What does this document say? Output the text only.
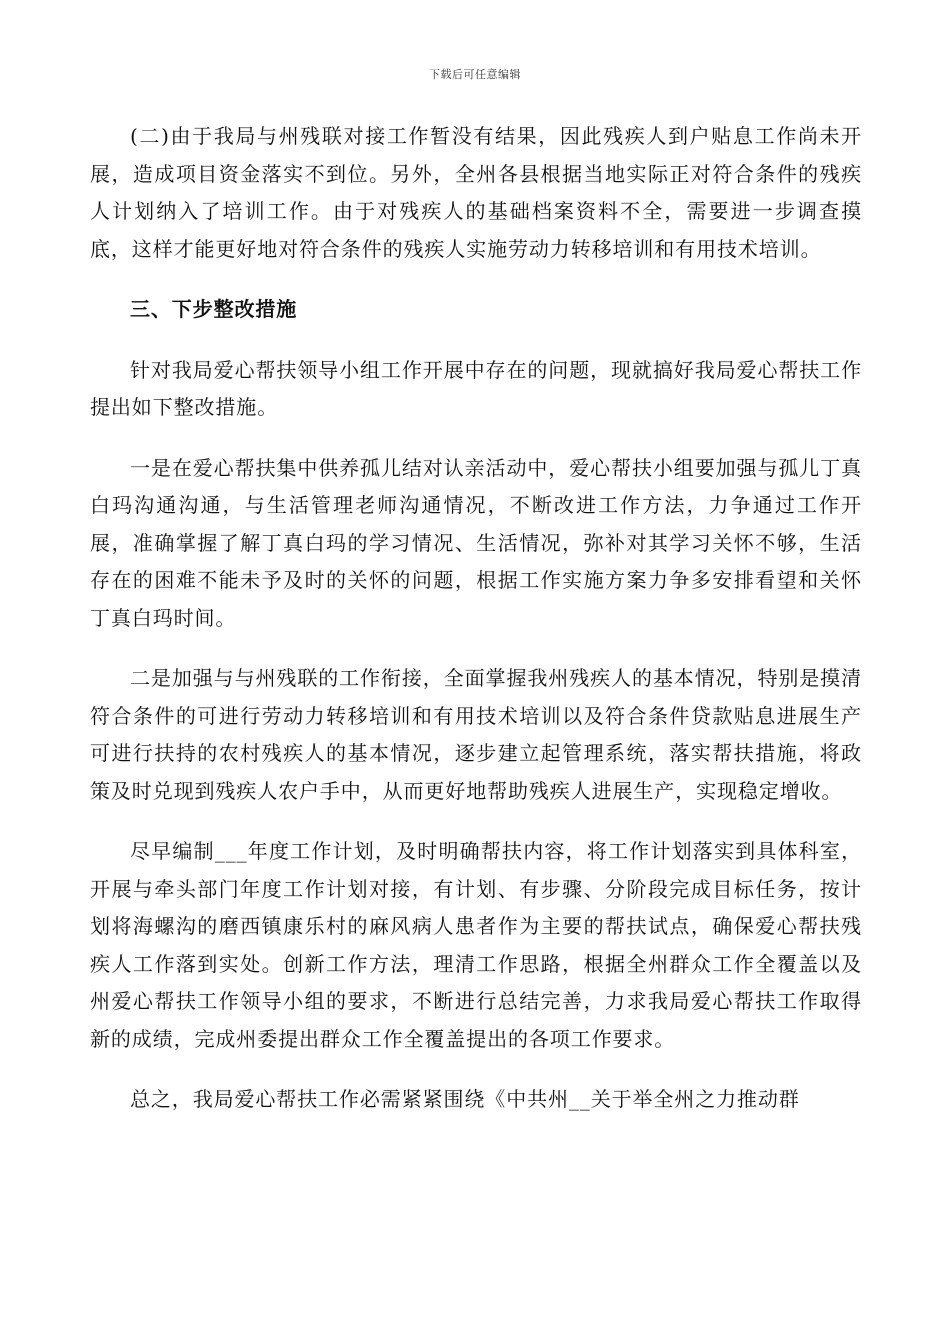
下载后可任意编辑

(二)由于我局与州残联对接工作暂没有结果，因此残疾人到户贴息工作尚未开展，造成项目资金落实不到位。另外，全州各县根据当地实际正对符合条件的残疾人计划纳入了培训工作。由于对残疾人的基础档案资料不全，需要进一步调查摸底，这样才能更好地对符合条件的残疾人实施劳动力转移培训和有用技术培训。

三、下步整改措施

针对我局爱心帮扶领导小组工作开展中存在的问题，现就搞好我局爱心帮扶工作提出如下整改措施。

一是在爱心帮扶集中供养孤儿结对认亲活动中，爱心帮扶小组要加强与孤儿丁真白玛沟通沟通，与生活管理老师沟通情况，不断改进工作方法，力争通过工作开展，准确掌握了解丁真白玛的学习情况、生活情况，弥补对其学习关怀不够，生活存在的困难不能未予及时的关怀的问题，根据工作实施方案力争多安排看望和关怀丁真白玛时间。

二是加强与与州残联的工作衔接，全面掌握我州残疾人的基本情况，特别是摸清符合条件的可进行劳动力转移培训和有用技术培训以及符合条件贷款贴息进展生产可进行扶持的农村残疾人的基本情况，逐步建立起管理系统，落实帮扶措施，将政策及时兑现到残疾人农户手中，从而更好地帮助残疾人进展生产，实现稳定增收。

尽早编制___年度工作计划，及时明确帮扶内容，将工作计划落实到具体科室，开展与牵头部门年度工作计划对接，有计划、有步骤、分阶段完成目标任务，按计划将海螺沟的磨西镇康乐村的麻风病人患者作为主要的帮扶试点，确保爱心帮扶残疾人工作落到实处。创新工作方法，理清工作思路，根据全州群众工作全覆盖以及州爱心帮扶工作领导小组的要求，不断进行总结完善，力求我局爱心帮扶工作取得新的成绩，完成州委提出群众工作全覆盖提出的各项工作要求。

总之，我局爱心帮扶工作必需紧紧围绕《中共州__关于举全州之力推动群
